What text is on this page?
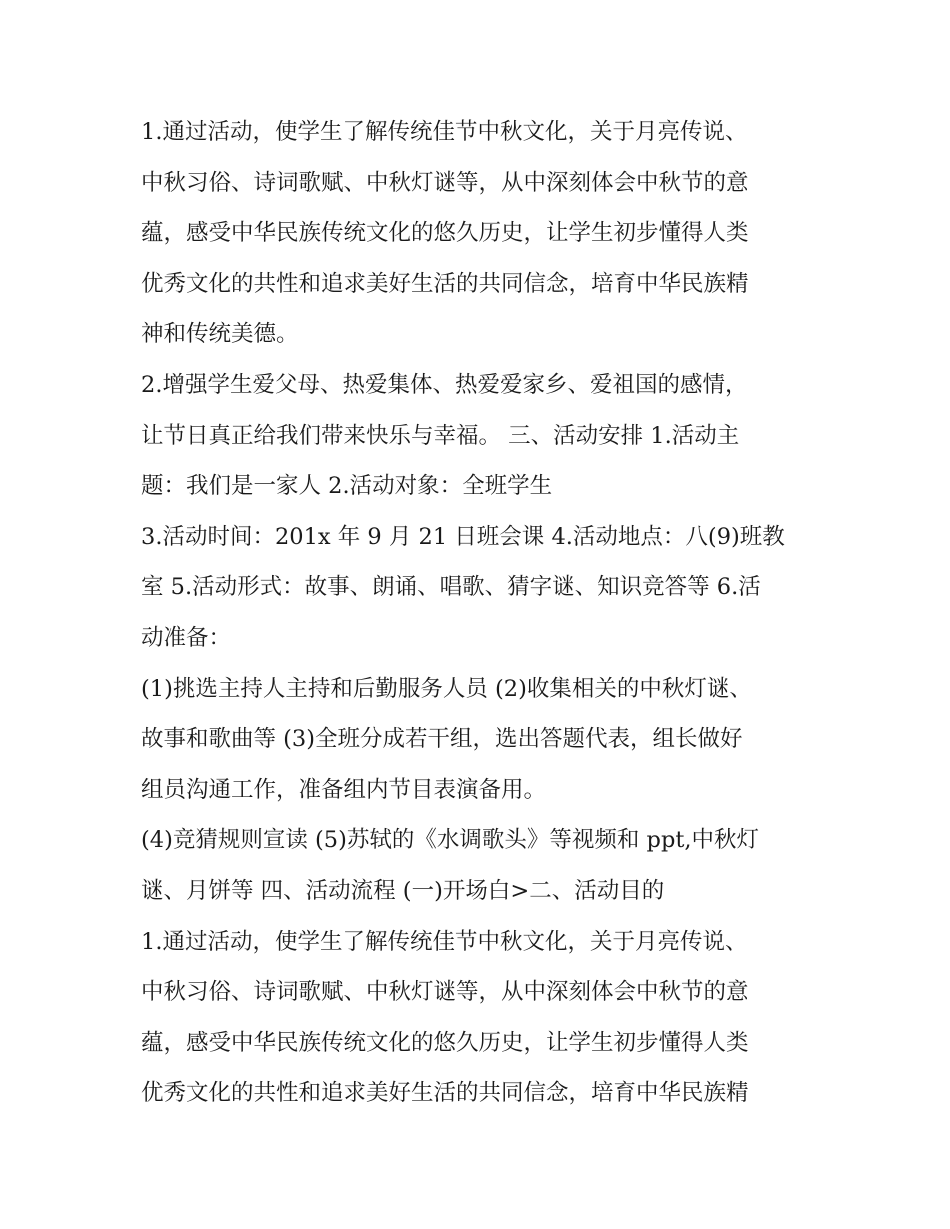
1.通过活动，使学生了解传统佳节中秋文化，关于月亮传说、
中秋习俗、诗词歌赋、中秋灯谜等，从中深刻体会中秋节的意
蕴，感受中华民族传统文化的悠久历史，让学生初步懂得人类
优秀文化的共性和追求美好生活的共同信念，培育中华民族精
神和传统美德。
2.增强学生爱父母、热爱集体、热爱爱家乡、爱祖国的感情，
让节日真正给我们带来快乐与幸福。 三、活动安排 1.活动主
题：我们是一家人 2.活动对象：全班学生
3.活动时间：201x 年 9 月 21 日班会课 4.活动地点：八(9)班教
室 5.活动形式：故事、朗诵、唱歌、猜字谜、知识竞答等 6.活
动准备：
(1)挑选主持人主持和后勤服务人员 (2)收集相关的中秋灯谜、
故事和歌曲等 (3)全班分成若干组，选出答题代表，组长做好
组员沟通工作，准备组内节目表演备用。
(4)竞猜规则宣读 (5)苏轼的《水调歌头》等视频和 ppt,中秋灯
谜、月饼等 四、活动流程 (一)开场白>二、活动目的
1.通过活动，使学生了解传统佳节中秋文化，关于月亮传说、
中秋习俗、诗词歌赋、中秋灯谜等，从中深刻体会中秋节的意
蕴，感受中华民族传统文化的悠久历史，让学生初步懂得人类
优秀文化的共性和追求美好生活的共同信念，培育中华民族精
